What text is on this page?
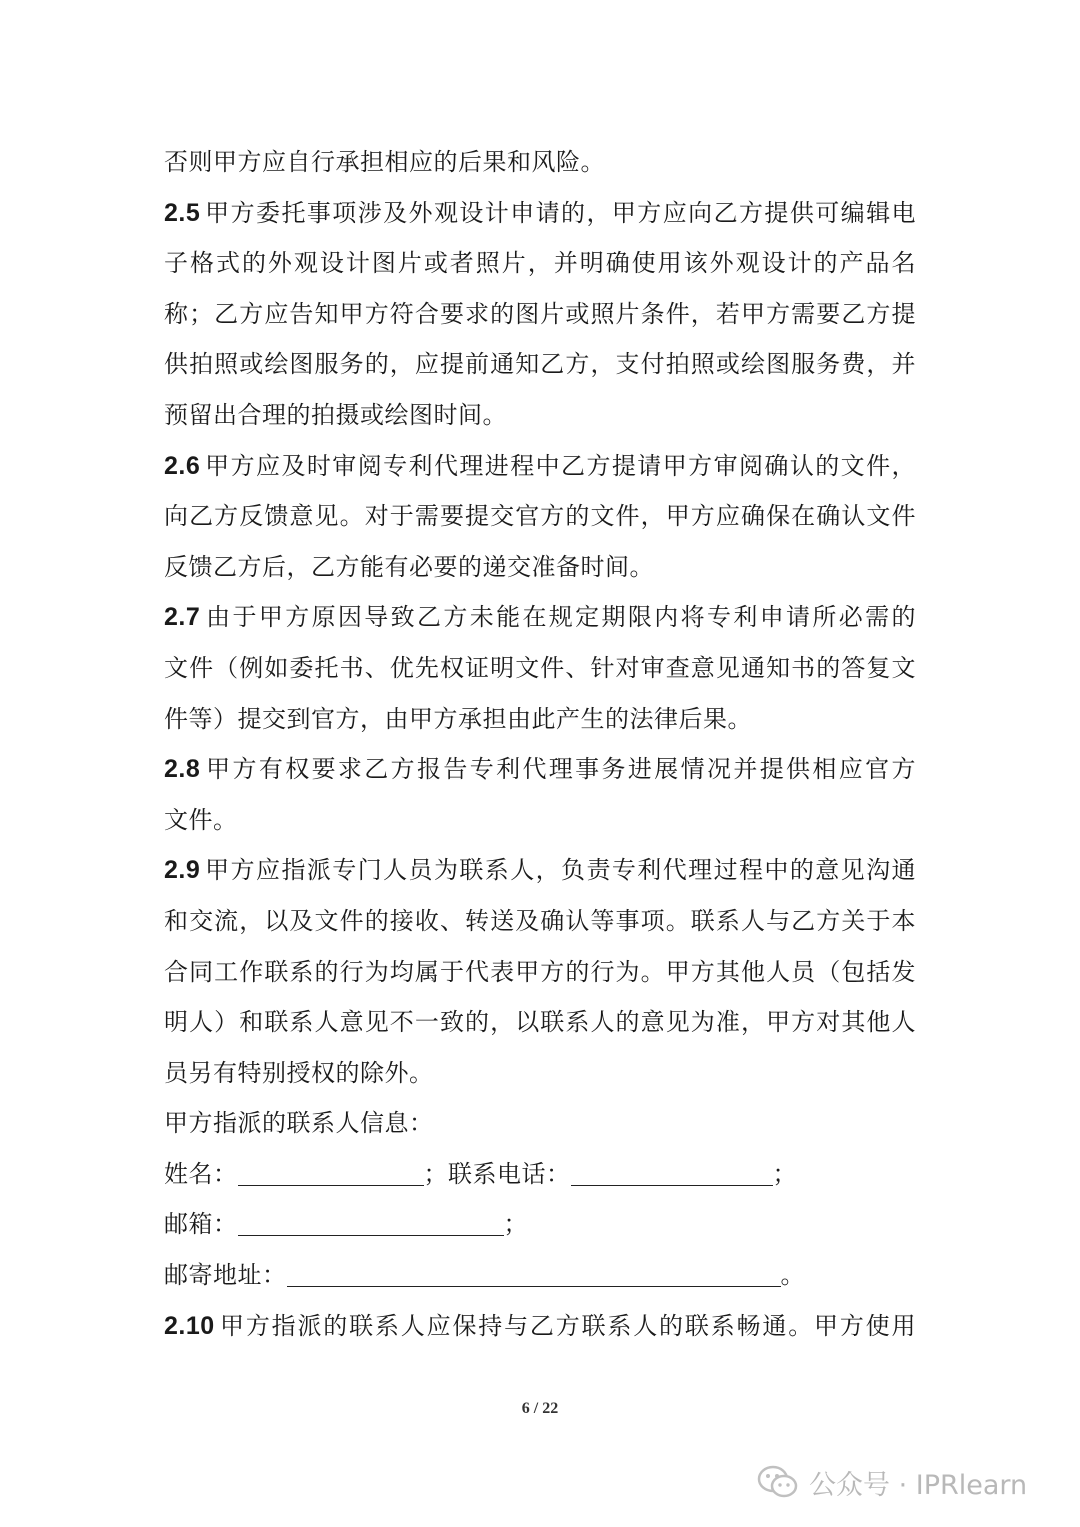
否则甲方应自行承担相应的后果和风险。
2.5 甲方委托事项涉及外观设计申请的，甲方应向乙方提供可编辑电
子格式的外观设计图片或者照片，并明确使用该外观设计的产品名
称；乙方应告知甲方符合要求的图片或照片条件，若甲方需要乙方提
供拍照或绘图服务的，应提前通知乙方，支付拍照或绘图服务费，并
预留出合理的拍摄或绘图时间。
2.6 甲方应及时审阅专利代理进程中乙方提请甲方审阅确认的文件，
向乙方反馈意见。对于需要提交官方的文件，甲方应确保在确认文件
反馈乙方后，乙方能有必要的递交准备时间。
2.7 由于甲方原因导致乙方未能在规定期限内将专利申请所必需的
文件（例如委托书、优先权证明文件、针对审查意见通知书的答复文
件等）提交到官方，由甲方承担由此产生的法律后果。
2.8 甲方有权要求乙方报告专利代理事务进展情况并提供相应官方
文件。
2.9 甲方应指派专门人员为联系人，负责专利代理过程中的意见沟通
和交流，以及文件的接收、转送及确认等事项。联系人与乙方关于本
合同工作联系的行为均属于代表甲方的行为。甲方其他人员（包括发
明人）和联系人意见不一致的，以联系人的意见为准，甲方对其他人
员另有特别授权的除外。
甲方指派的联系人信息：
姓名：	；联系电话：	；
邮箱：	；
邮寄地址：	。
2.10 甲方指派的联系人应保持与乙方联系人的联系畅通。甲方使用
6 / 22
公众号 · IPRlearn
